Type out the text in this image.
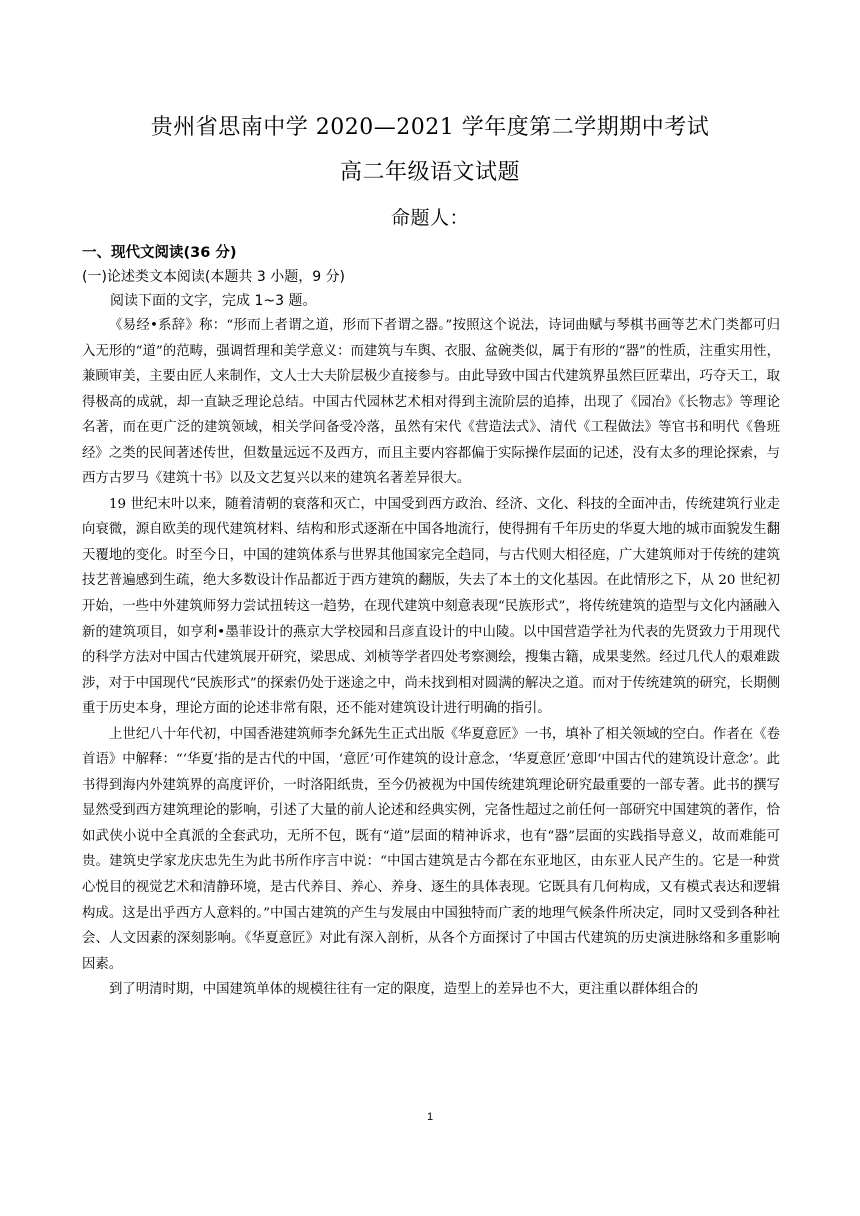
贵州省思南中学 2020—2021 学年度第二学期期中考试
高二年级语文试题
命题人：

一、现代文阅读(36 分)

(一)论述类文本阅读(本题共 3 小题，9 分)

阅读下面的文字，完成 1~3 题。

《易经•系辞》称：“形而上者谓之道，形而下者谓之器。”按照这个说法，诗词曲赋与琴棋书画等艺术门类都可归入无形的“道”的范畴，强调哲理和美学意义：而建筑与车舆、衣服、盆碗类似，属于有形的“器”的性质，注重实用性，兼顾审美，主要由匠人来制作，文人士大夫阶层极少直接参与。由此导致中国古代建筑界虽然巨匠辈出，巧夺天工，取得极高的成就，却一直缺乏理论总结。中国古代园林艺术相对得到主流阶层的追捧，出现了《园冶》《长物志》等理论名著，而在更广泛的建筑领域，相关学问备受冷落，虽然有宋代《营造法式》、清代《工程做法》等官书和明代《鲁班经》之类的民间著述传世，但数量远远不及西方，而且主要内容都偏于实际操作层面的记述，没有太多的理论探索，与西方古罗马《建筑十书》以及文艺复兴以来的建筑名著差异很大。

19 世纪末叶以来，随着清朝的衰落和灭亡，中国受到西方政治、经济、文化、科技的全面冲击，传统建筑行业走向衰微，源自欧美的现代建筑材料、结构和形式逐渐在中国各地流行，使得拥有千年历史的华夏大地的城市面貌发生翻天覆地的变化。时至今日，中国的建筑体系与世界其他国家完全趋同，与古代则大相径庭，广大建筑师对于传统的建筑技艺普遍感到生疏，绝大多数设计作品都近于西方建筑的翻版，失去了本土的文化基因。在此情形之下，从 20 世纪初开始，一些中外建筑师努力尝试扭转这一趋势，在现代建筑中刻意表现“民族形式”，将传统建筑的造型与文化内涵融入新的建筑项目，如亨利•墨菲设计的燕京大学校园和吕彦直设计的中山陵。以中国营造学社为代表的先贤致力于用现代的科学方法对中国古代建筑展开研究，梁思成、刘桢等学者四处考察测绘，搜集古籍，成果斐然。经过几代人的艰难跋涉，对于中国现代“民族形式”的探索仍处于迷途之中，尚未找到相对圆满的解决之道。而对于传统建筑的研究，长期侧重于历史本身，理论方面的论述非常有限，还不能对建筑设计进行明确的指引。

上世纪八十年代初，中国香港建筑师李允鉌先生正式出版《华夏意匠》一书，填补了相关领域的空白。作者在《卷首语》中解释：“‘华夏’指的是古代的中国，‘意匠’可作建筑的设计意念，‘华夏意匠’意即‘中国古代的建筑设计意念’。此书得到海内外建筑界的高度评价，一时洛阳纸贵，至今仍被视为中国传统建筑理论研究最重要的一部专著。此书的撰写显然受到西方建筑理论的影响，引述了大量的前人论述和经典实例，完备性超过之前任何一部研究中国建筑的著作，恰如武侠小说中全真派的全套武功，无所不包，既有“道”层面的精神诉求，也有“器”层面的实践指导意义，故而难能可贵。建筑史学家龙庆忠先生为此书所作序言中说：“中国古建筑是古今都在东亚地区，由东亚人民产生的。它是一种赏心悦目的视觉艺术和清静环境，是古代养目、养心、养身、逐生的具体表现。它既具有几何构成，又有模式表达和逻辑构成。这是出乎西方人意料的。”中国古建筑的产生与发展由中国独特而广袤的地理气候条件所决定，同时又受到各种社会、人文因素的深刻影响。《华夏意匠》对此有深入剖析，从各个方面探讨了中国古代建筑的历史演进脉络和多重影响因素。

到了明清时期，中国建筑单体的规模往往有一定的限度，造型上的差异也不大，更注重以群体组合的

1
